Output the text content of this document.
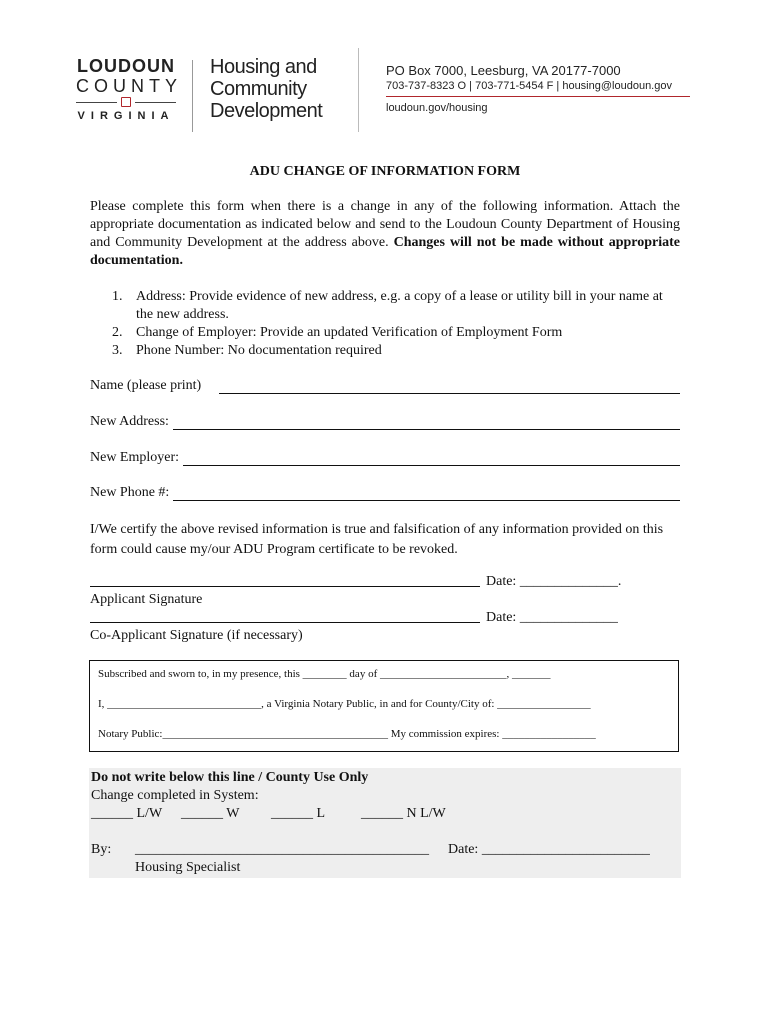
LOUDOUN
COUNTY
VIRGINIA
Housing and
Community
Development
PO Box 7000, Leesburg, VA 20177-7000
703-737-8323 O | 703-771-5454 F | housing@loudoun.gov
loudoun.gov/housing
ADU CHANGE OF INFORMATION FORM
Please complete this form when there is a change in any of the following information. Attach the appropriate documentation as indicated below and send to the Loudoun County Department of Housing and Community Development at the address above. Changes will not be made without appropriate documentation.
1. Address: Provide evidence of new address, e.g. a copy of a lease or utility bill in your name at the new address.
2. Change of Employer: Provide an updated Verification of Employment Form
3. Phone Number: No documentation required
Name (please print)
New Address:
New Employer:
New Phone #:
I/We certify the above revised information is true and falsification of any information provided on this form could cause my/our ADU Program certificate to be revoked.
Date: ______________.
Applicant Signature
Date: ______________
Co-Applicant Signature (if necessary)
Subscribed and sworn to, in my presence, this ________ day of _______________________, _______
I, ____________________________, a Virginia Notary Public, in and for County/City of: _________________
Notary Public:_________________________________________ My commission expires: _________________
Do not write below this line / County Use Only
Change completed in System:
______ L/W ______ W ______ L	______ N L/W
By: __________________________________________ Date: ________________________
Housing Specialist
